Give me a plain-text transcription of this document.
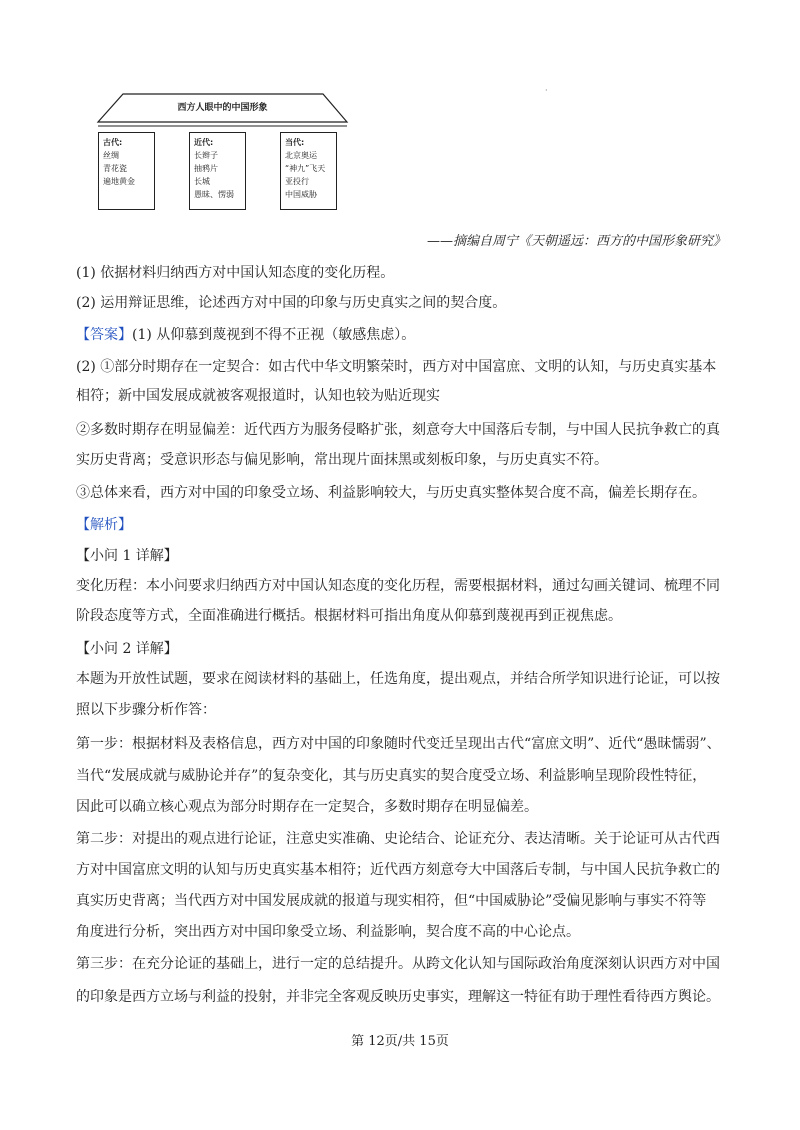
·
西方人眼中的中国形象
古代:
丝绸
青花瓷
遍地黄金
近代:
长辫子
抽鸦片
长城
愚昧、愣弱
当代:
北京奥运
“神九”飞天
亚投行
中国威胁
——摘编自周宁《天朝遥远：西方的中国形象研究》
(1) 依据材料归纳西方对中国认知态度的变化历程。
(2) 运用辩证思维，论述西方对中国的印象与历史真实之间的契合度。
【答案】(1) 从仰慕到蔑视到不得不正视（敏感焦虑）。
(2) ①部分时期存在一定契合：如古代中华文明繁荣时，西方对中国富庶、文明的认知，与历史真实基本
相符；新中国发展成就被客观报道时，认知也较为贴近现实
②多数时期存在明显偏差：近代西方为服务侵略扩张，刻意夸大中国落后专制，与中国人民抗争救亡的真
实历史背离；受意识形态与偏见影响，常出现片面抹黑或刻板印象，与历史真实不符。
③总体来看，西方对中国的印象受立场、利益影响较大，与历史真实整体契合度不高，偏差长期存在。
【解析】
【小问 1 详解】
变化历程：本小问要求归纳西方对中国认知态度的变化历程，需要根据材料，通过勾画关键词、梳理不同
阶段态度等方式，全面准确进行概括。根据材料可指出角度从仰慕到蔑视再到正视焦虑。
【小问 2 详解】
本题为开放性试题，要求在阅读材料的基础上，任选角度，提出观点，并结合所学知识进行论证，可以按
照以下步骤分析作答：
第一步：根据材料及表格信息，西方对中国的印象随时代变迁呈现出古代“富庶文明”、近代“愚昧懦弱”、
当代“发展成就与威胁论并存”的复杂变化，其与历史真实的契合度受立场、利益影响呈现阶段性特征，
因此可以确立核心观点为部分时期存在一定契合，多数时期存在明显偏差。
第二步：对提出的观点进行论证，注意史实准确、史论结合、论证充分、表达清晰。关于论证可从古代西
方对中国富庶文明的认知与历史真实基本相符；近代西方刻意夸大中国落后专制，与中国人民抗争救亡的
真实历史背离；当代西方对中国发展成就的报道与现实相符，但“中国威胁论”受偏见影响与事实不符等
角度进行分析，突出西方对中国印象受立场、利益影响，契合度不高的中心论点。
第三步：在充分论证的基础上，进行一定的总结提升。从跨文化认知与国际政治角度深刻认识西方对中国
的印象是西方立场与利益的投射，并非完全客观反映历史事实，理解这一特征有助于理性看待西方舆论。
第 12页/共 15页
